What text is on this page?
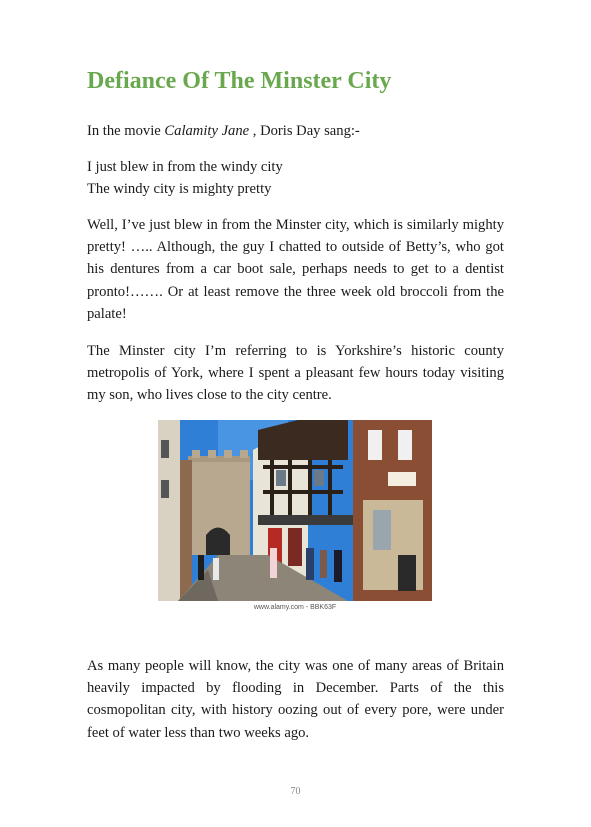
Defiance Of The Minster City

In the movie Calamity Jane , Doris Day sang:-

I just blew in from the windy city
The windy city is mighty pretty

Well, I’ve just blew in from the Minster city, which is similarly mighty pretty! ….. Although, the guy I chatted to outside of Betty’s, who got his dentures from a car boot sale, perhaps needs to get to a dentist pronto!……. Or at least remove the three week old broccoli from the palate!

The Minster city I’m referring to is Yorkshire’s historic county metropolis of York, where I spent a pleasant few hours today visiting my son, who lives close to the city centre.

www.alamy.com - BBK63F

As many people will know, the city was one of many areas of Britain heavily impacted by flooding in December. Parts of the this cosmopolitan city, with history oozing out of every pore, were under feet of water less than two weeks ago.

70
